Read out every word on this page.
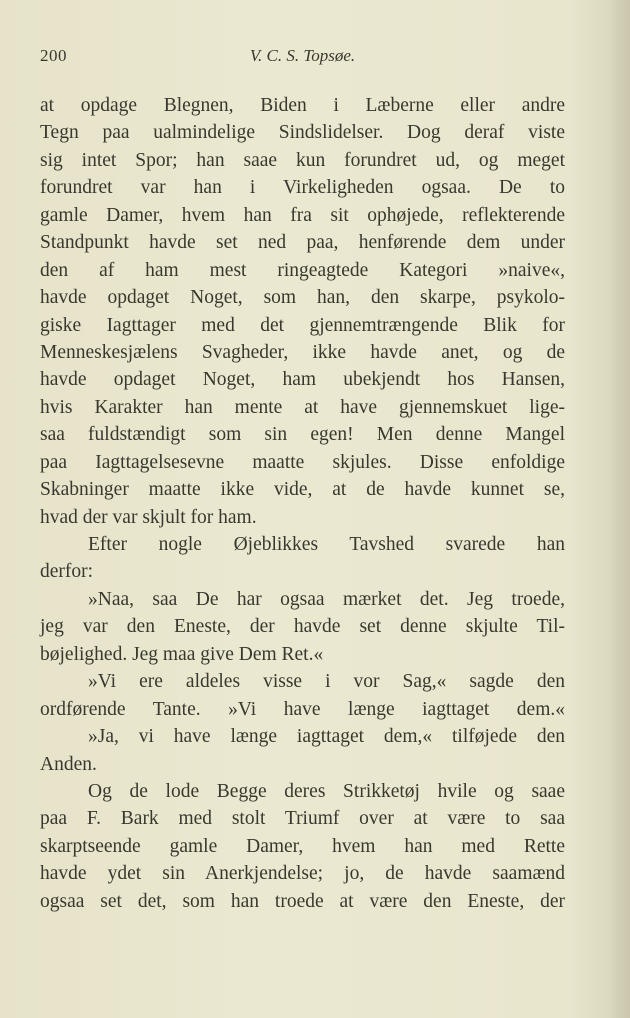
200	V. C. S. Topsøe.
at opdage Blegnen, Biden i Læberne eller andre
Tegn paa ualmindelige Sindslidelser. Dog deraf viste
sig intet Spor; han saae kun forundret ud, og meget
forundret var han i Virkeligheden ogsaa. De to
gamle Damer, hvem han fra sit ophøjede, reflekterende
Standpunkt havde set ned paa, henførende dem under
den af ham mest ringeagtede Kategori »naive«,
havde opdaget Noget, som han, den skarpe, psykolo-
giske Iagttager med det gjennemtrængende Blik for
Menneskesjælens Svagheder, ikke havde anet, og de
havde opdaget Noget, ham ubekjendt hos Hansen,
hvis Karakter han mente at have gjennemskuet lige-
saa fuldstændigt som sin egen! Men denne Mangel
paa Iagttagelsesevne maatte skjules. Disse enfoldige
Skabninger maatte ikke vide, at de havde kunnet se,
hvad der var skjult for ham.
Efter nogle Øjeblikkes Tavshed svarede han
derfor:
»Naa, saa De har ogsaa mærket det. Jeg troede,
jeg var den Eneste, der havde set denne skjulte Til-
bøjelighed. Jeg maa give Dem Ret.«
»Vi ere aldeles visse i vor Sag,« sagde den
ordførende Tante. »Vi have længe iagttaget dem.«
»Ja, vi have længe iagttaget dem,« tilføjede den
Anden.
Og de lode Begge deres Strikketøj hvile og saae
paa F. Bark med stolt Triumf over at være to saa
skarptseende gamle Damer, hvem han med Rette
havde ydet sin Anerkjendelse; jo, de havde saamænd
ogsaa set det, som han troede at være den Eneste, der
